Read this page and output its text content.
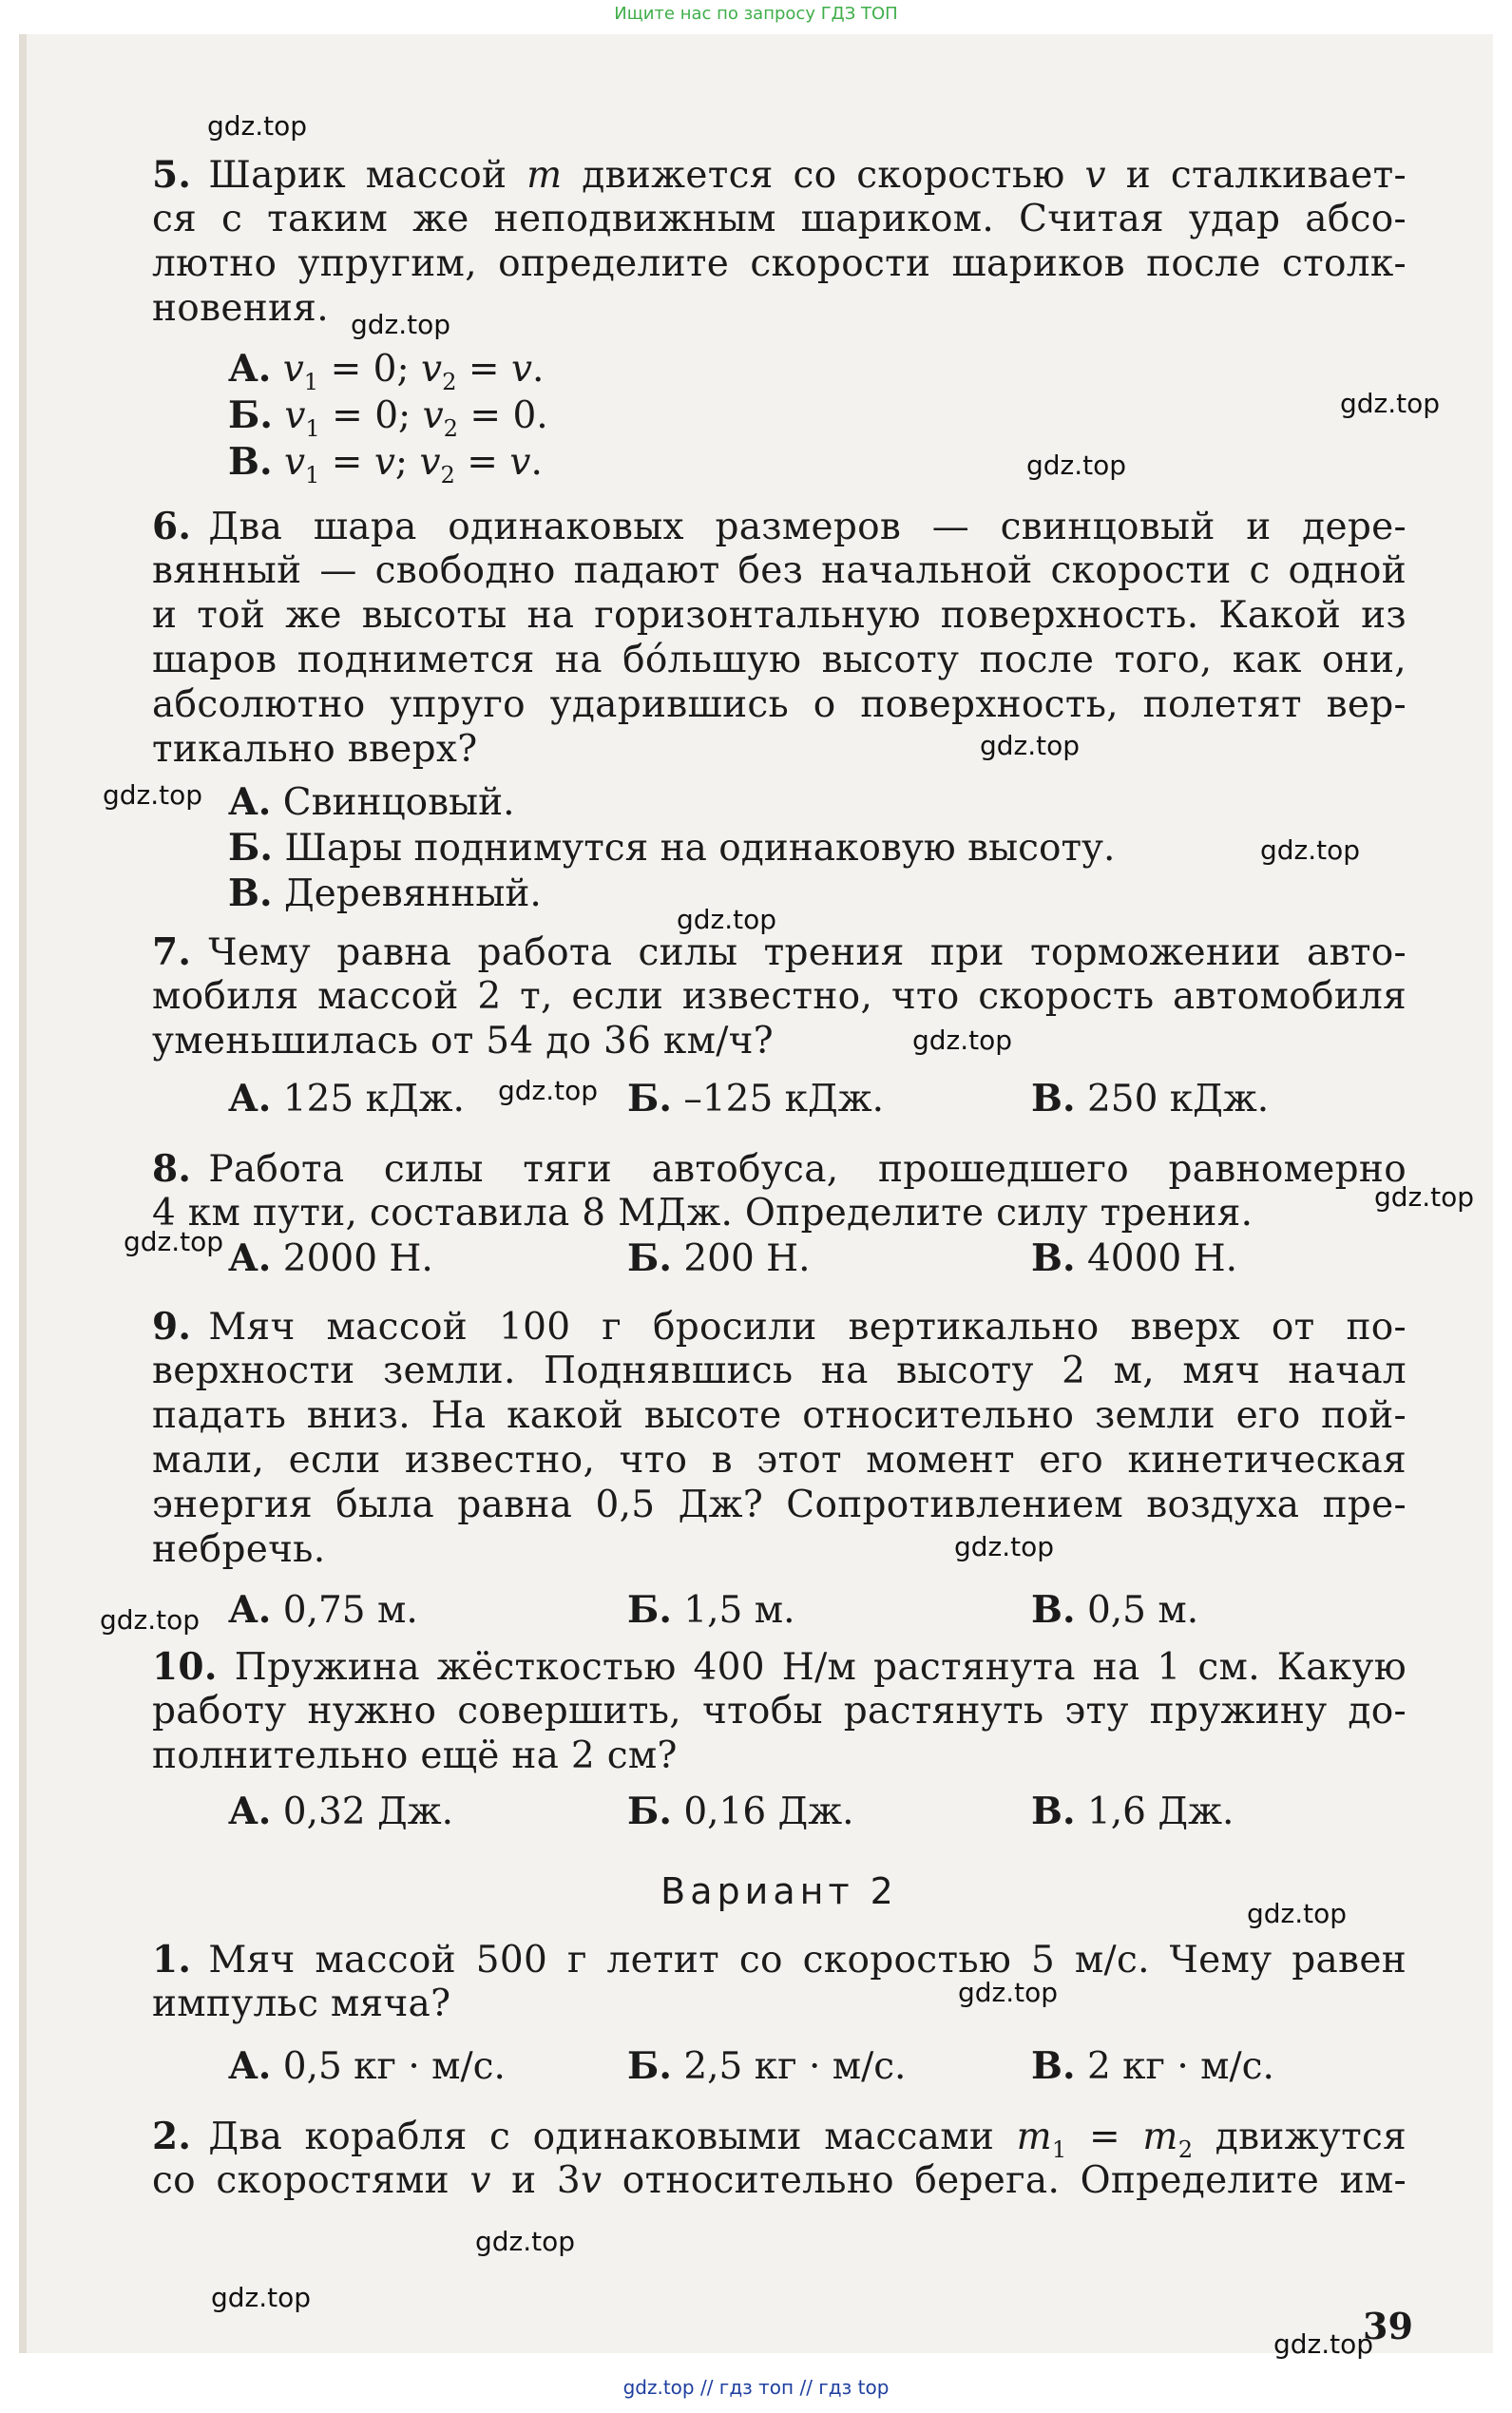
Ищите нас по запросу ГДЗ ТОП
gdz.top
gdz.top
gdz.top
gdz.top
gdz.top
gdz.top
gdz.top
gdz.top
gdz.top
gdz.top
gdz.top
gdz.top
gdz.top
gdz.top
gdz.top
gdz.top
gdz.top
gdz.top
gdz.top
5. Шарик массой m движется со скоростью v и сталкивает-
ся с таким же неподвижным шариком. Считая удар абсо-
лютно упругим, определите скорости шариков после столк-
новения.
А. $v_1 = 0$; $v_2 = v$.
Б. $v_1 = 0$; $v_2 = 0$.
В. $v_1 = v$; $v_2 = v$.
6. Два шара одинаковых размеров — свинцовый и дере-
вянный — свободно падают без начальной скорости с одной
и той же высоты на горизонтальную поверхность. Какой из
шаров поднимется на бóльшую высоту после того, как они,
абсолютно упруго ударившись о поверхность, полетят вер-
тикально вверх?
А. Свинцовый.
Б. Шары поднимутся на одинаковую высоту.
В. Деревянный.
7. Чему равна работа силы трения при торможении авто-
мобиля массой 2 т, если известно, что скорость автомобиля
уменьшилась от 54 до 36 км/ч?
А. 125 кДж.	Б. –125 кДж.	В. 250 кДж.
8. Работа силы тяги автобуса, прошедшего равномерно
4 км пути, составила 8 МДж. Определите силу трения.
А. 2000 Н.	Б. 200 Н.	В. 4000 Н.
9. Мяч массой 100 г бросили вертикально вверх от по-
верхности земли. Поднявшись на высоту 2 м, мяч начал
падать вниз. На какой высоте относительно земли его пой-
мали, если известно, что в этот момент его кинетическая
энергия была равна 0,5 Дж? Сопротивлением воздуха пре-
небречь.
А. 0,75 м.	Б. 1,5 м.	В. 0,5 м.
10. Пружина жёсткостью 400 Н/м растянута на 1 см. Какую
работу нужно совершить, чтобы растянуть эту пружину до-
полнительно ещё на 2 см?
А. 0,32 Дж.	Б. 0,16 Дж.	В. 1,6 Дж.
Вариант 2
1. Мяч массой 500 г летит со скоростью 5 м/с. Чему равен
импульс мяча?
А. 0,5 кг · м/с.	Б. 2,5 кг · м/с.	В. 2 кг · м/с.
2. Два корабля с одинаковыми массами $m_1 = m_2$ движутся
со скоростями v и 3v относительно берега. Определите им-
39
gdz.top // гдз топ // гдз top
